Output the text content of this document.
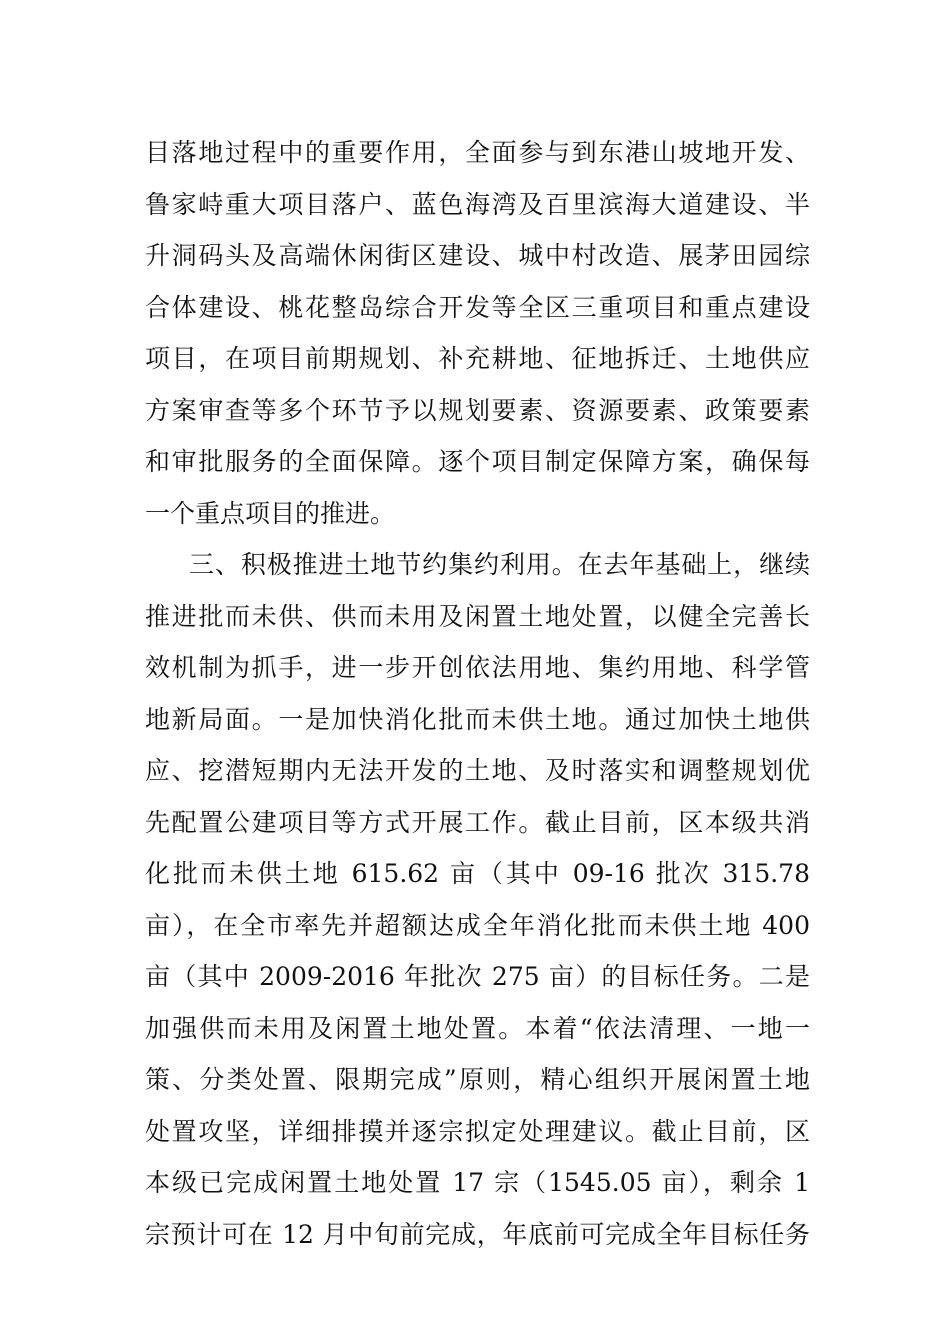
目落地过程中的重要作用，全面参与到东港山坡地开发、
鲁家峙重大项目落户、蓝色海湾及百里滨海大道建设、半
升洞码头及高端休闲街区建设、城中村改造、展茅田园综
合体建设、桃花整岛综合开发等全区三重项目和重点建设
项目，在项目前期规划、补充耕地、征地拆迁、土地供应
方案审查等多个环节予以规划要素、资源要素、政策要素
和审批服务的全面保障。逐个项目制定保障方案，确保每
一个重点项目的推进。
三、积极推进土地节约集约利用。在去年基础上，继续
推进批而未供、供而未用及闲置土地处置，以健全完善长
效机制为抓手，进一步开创依法用地、集约用地、科学管
地新局面。一是加快消化批而未供土地。通过加快土地供
应、挖潜短期内无法开发的土地、及时落实和调整规划优
先配置公建项目等方式开展工作。截止目前，区本级共消
化批而未供土地 615.62 亩（其中 09-16 批次 315.78
亩），在全市率先并超额达成全年消化批而未供土地 400
亩（其中 2009-2016 年批次 275 亩）的目标任务。二是
加强供而未用及闲置土地处置。本着“依法清理、一地一
策、分类处置、限期完成”原则，精心组织开展闲置土地
处置攻坚，详细排摸并逐宗拟定处理建议。截止目前，区
本级已完成闲置土地处置 17 宗（1545.05 亩），剩余 1
宗预计可在 12 月中旬前完成，年底前可完成全年目标任务
